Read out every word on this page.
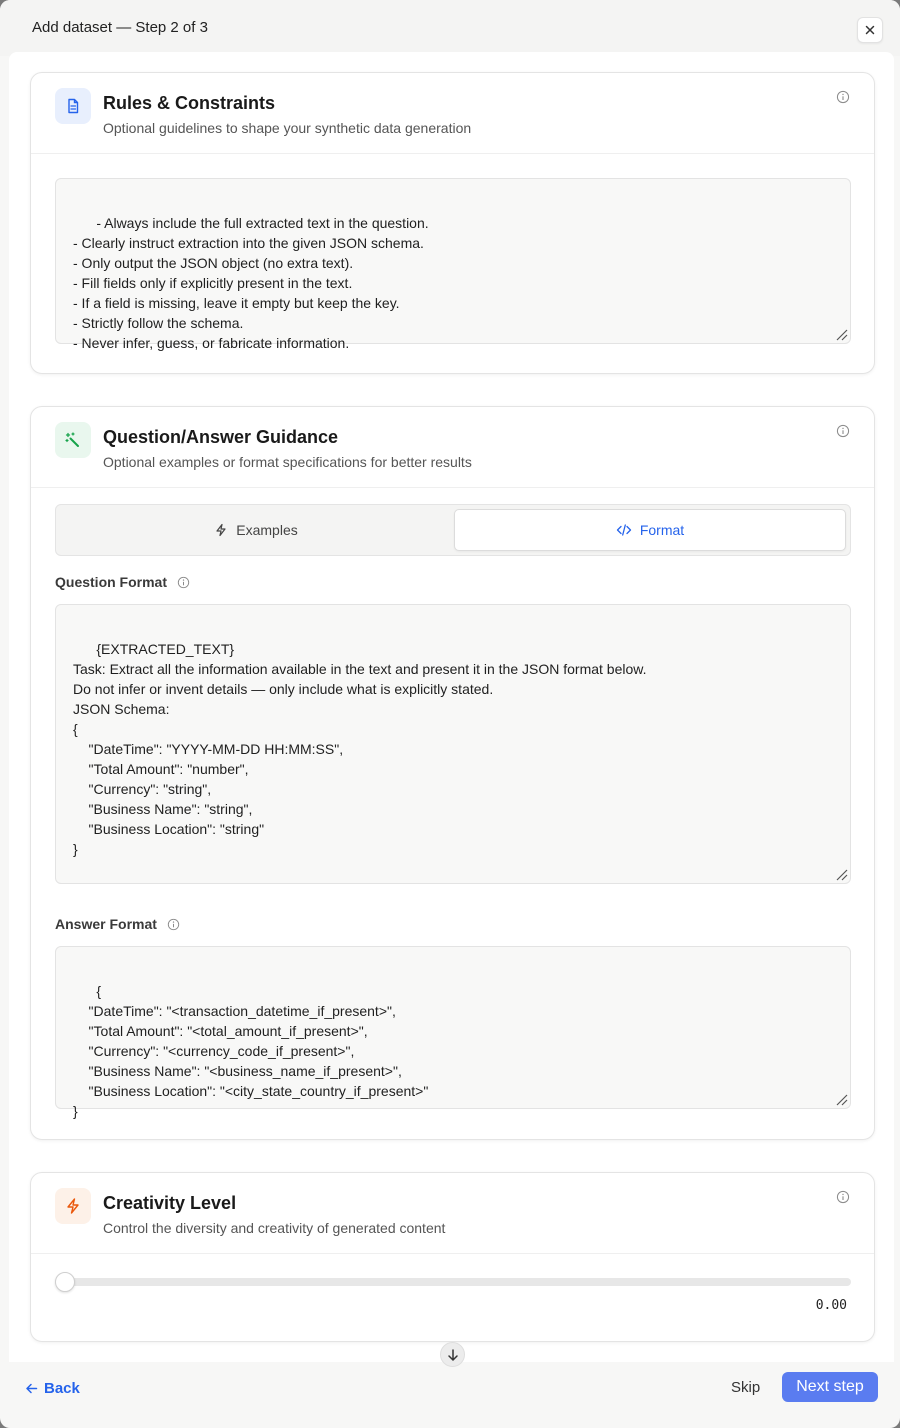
Add dataset — Step 2 of 3
Rules & Constraints
Optional guidelines to shape your synthetic data generation

- Always include the full extracted text in the question.
- Clearly instruct extraction into the given JSON schema.
- Only output the JSON object (no extra text).
- Fill fields only if explicitly present in the text.
- If a field is missing, leave it empty but keep the key.
- Strictly follow the schema.
- Never infer, guess, or fabricate information.

Question/Answer Guidance
Optional examples or format specifications for better results
Examples	Format
Question Format

{EXTRACTED_TEXT}
Task: Extract all the information available in the text and present it in the JSON format below.
Do not infer or invent details — only include what is explicitly stated.
JSON Schema:
{
"DateTime": "YYYY-MM-DD HH:MM:SS",
"Total Amount": "number",
"Currency": "string",
"Business Name": "string",
"Business Location": "string"
}

Answer Format

{
"DateTime": "<transaction_datetime_if_present>",
"Total Amount": "<total_amount_if_present>",
"Currency": "<currency_code_if_present>",
"Business Name": "<business_name_if_present>",
"Business Location": "<city_state_country_if_present>"
}

Creativity Level
Control the diversity and creativity of generated content
0.00
Back	Skip	Next step
